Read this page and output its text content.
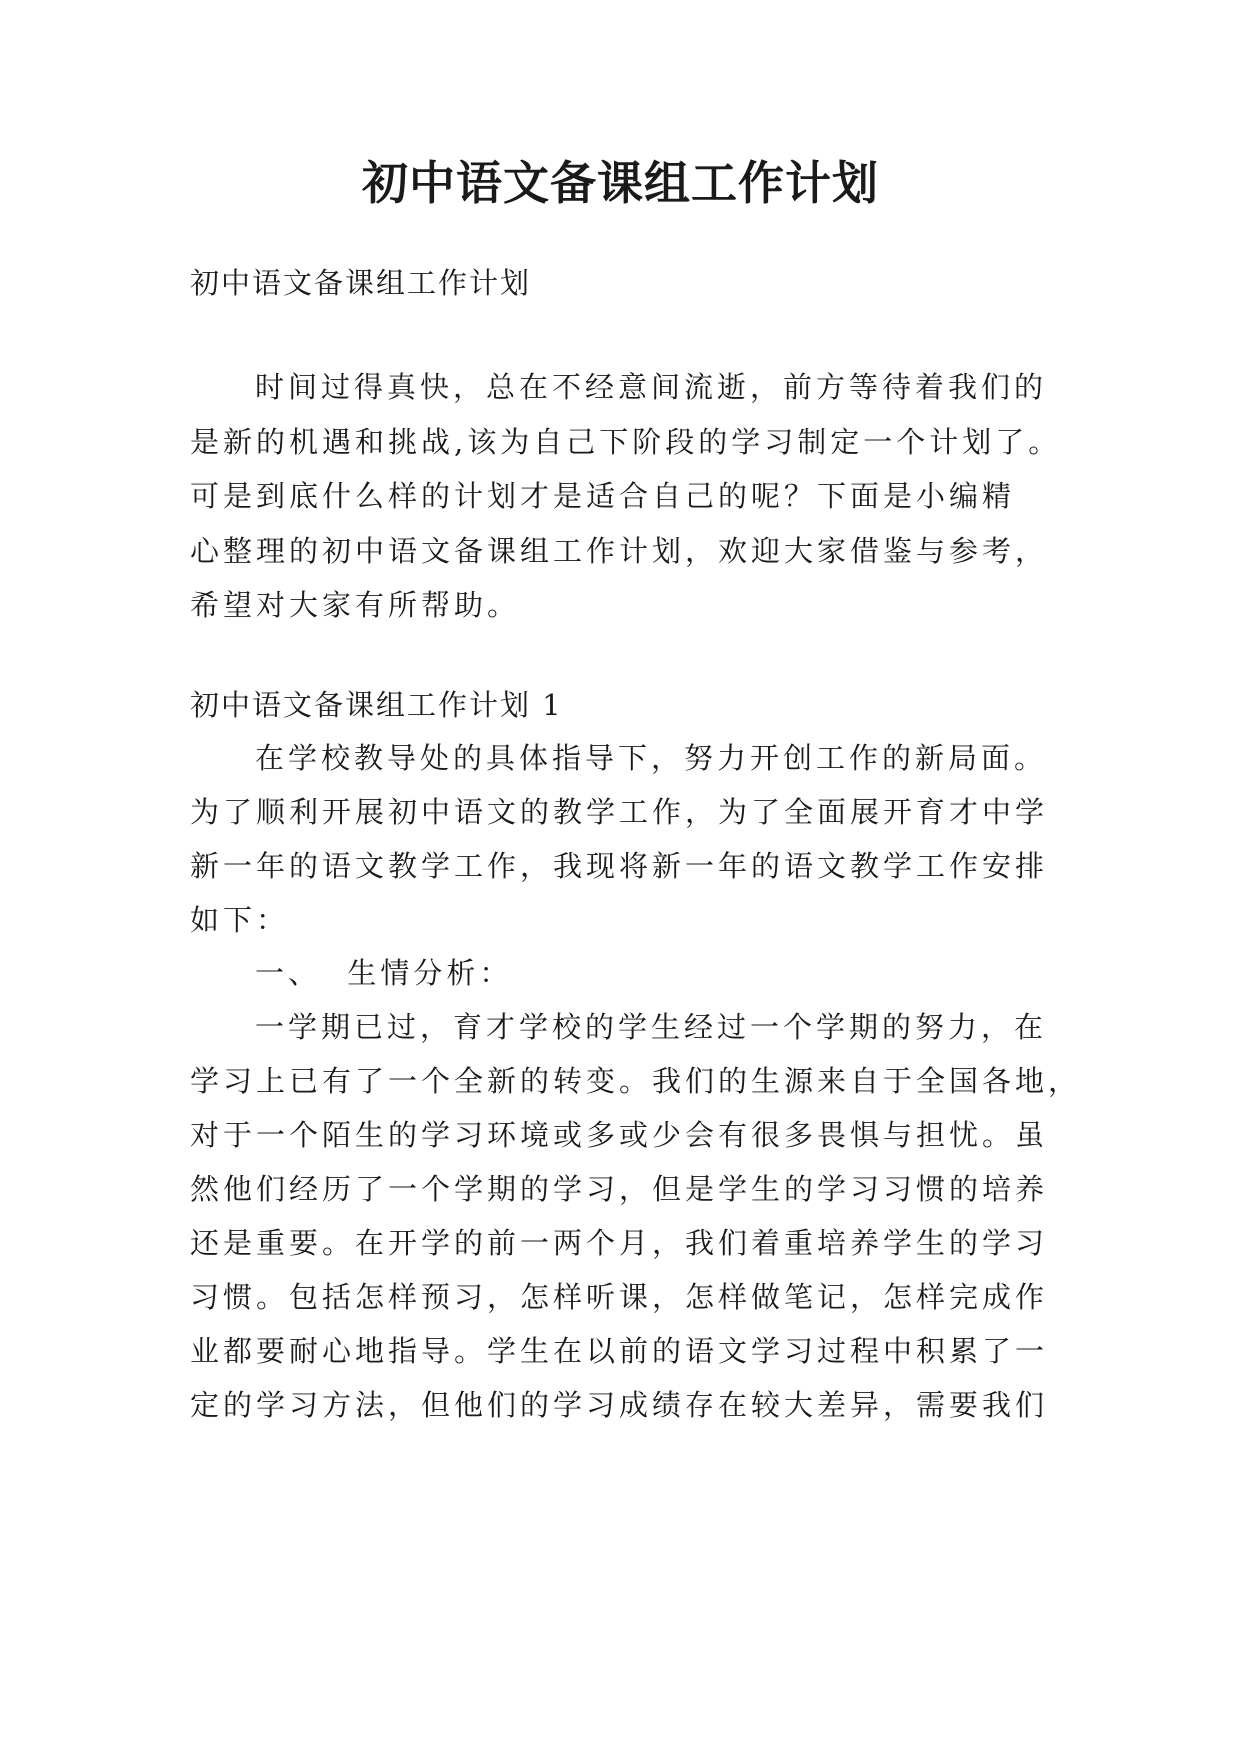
初中语文备课组工作计划
初中语文备课组工作计划
时间过得真快，总在不经意间流逝，前方等待着我们的
是新的机遇和挑战,该为自己下阶段的学习制定一个计划了。
可是到底什么样的计划才是适合自己的呢？下面是小编精
心整理的初中语文备课组工作计划，欢迎大家借鉴与参考，
希望对大家有所帮助。
初中语文备课组工作计划 1
在学校教导处的具体指导下，努力开创工作的新局面。
为了顺利开展初中语文的教学工作，为了全面展开育才中学
新一年的语文教学工作，我现将新一年的语文教学工作安排
如下：
一、  生情分析：
一学期已过，育才学校的学生经过一个学期的努力，在
学习上已有了一个全新的转变。我们的生源来自于全国各地，
对于一个陌生的学习环境或多或少会有很多畏惧与担忧。虽
然他们经历了一个学期的学习，但是学生的学习习惯的培养
还是重要。在开学的前一两个月，我们着重培养学生的学习
习惯。包括怎样预习，怎样听课，怎样做笔记，怎样完成作
业都要耐心地指导。学生在以前的语文学习过程中积累了一
定的学习方法，但他们的学习成绩存在较大差异，需要我们
